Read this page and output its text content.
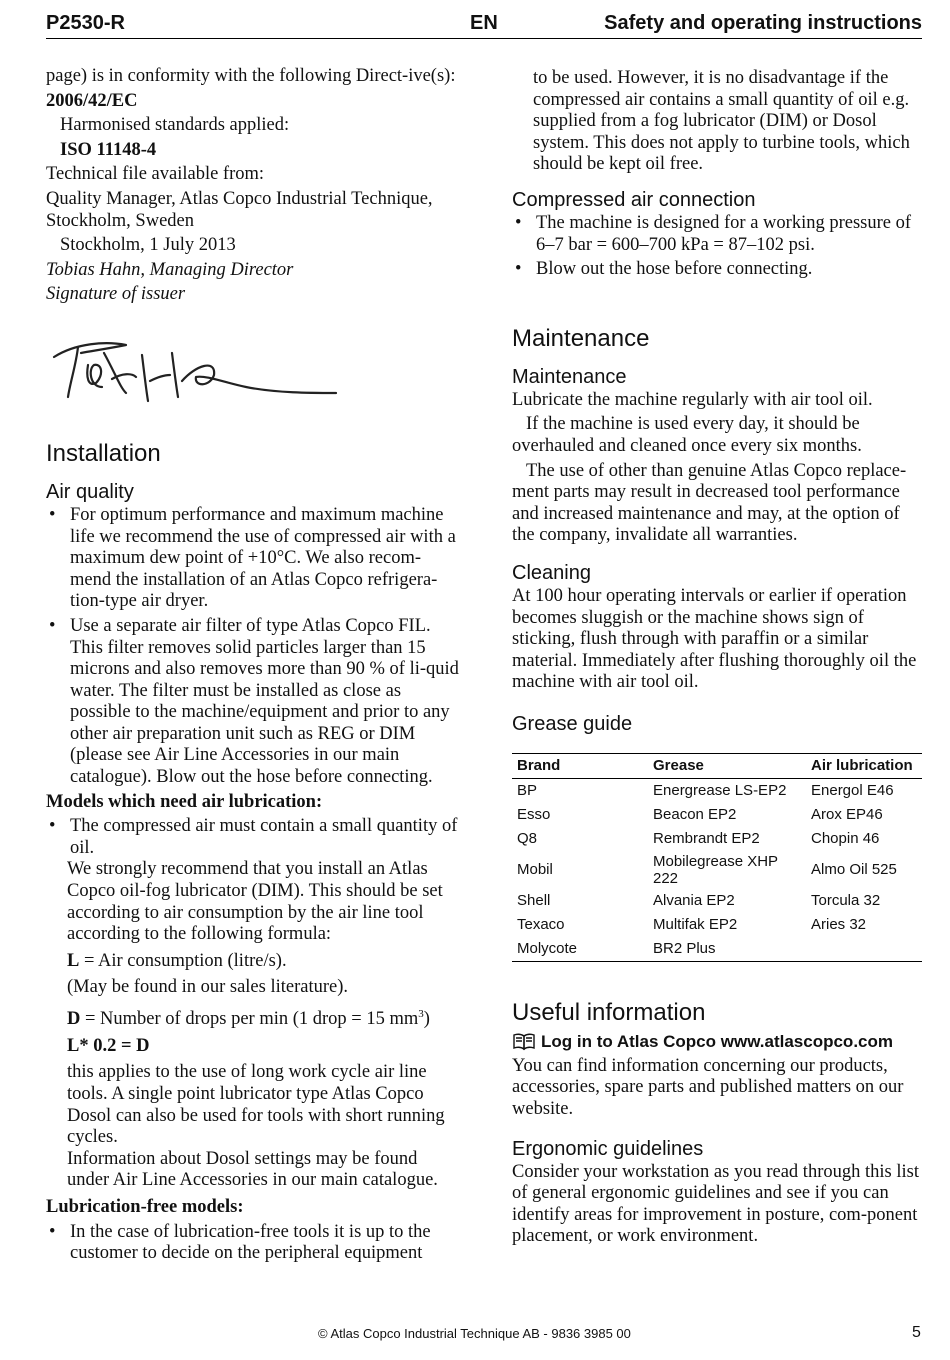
P2530-R	EN	Safety and operating instructions

page) is in conformity with the following Direct-ive(s):

2006/42/EC

Harmonised standards applied:

ISO 11148-4

Technical file available from:

Quality Manager, Atlas Copco Industrial Technique, Stockholm, Sweden

Stockholm, 1 July 2013

Tobias Hahn, Managing Director

Signature of issuer

Installation
Air quality
• For optimum performance and maximum machine life we recommend the use of compressed air with a maximum dew point of +10°C. We also recom-mend the installation of an Atlas Copco refrigera-tion-type air dryer.
• Use a separate air filter of type Atlas Copco FIL. This filter removes solid particles larger than 15 microns and also removes more than 90 % of li-quid water. The filter must be installed as close as possible to the machine/equipment and prior to any other air preparation unit such as REG or DIM (please see Air Line Accessories in our main catalogue). Blow out the hose before connecting.

Models which need air lubrication:

• The compressed air must contain a small quantity of oil.

We strongly recommend that you install an Atlas Copco oil-fog lubricator (DIM). This should be set according to air consumption by the air line tool according to the following formula:

L = Air consumption (litre/s).

(May be found in our sales literature).

D = Number of drops per min (1 drop = 15 $mm^3$)

L* 0.2 = D

this applies to the use of long work cycle air line tools. A single point lubricator type Atlas Copco Dosol can also be used for tools with short running cycles.

Information about Dosol settings may be found under Air Line Accessories in our main catalogue.

Lubrication-free models:

• In the case of lubrication-free tools it is up to the customer to decide on the peripheral equipment

to be used. However, it is no disadvantage if the compressed air contains a small quantity of oil e.g. supplied from a fog lubricator (DIM) or Dosol system. This does not apply to turbine tools, which should be kept oil free.

Compressed air connection
• The machine is designed for a working pressure of 6–7 bar = 600–700 kPa = 87–102 psi.
• Blow out the hose before connecting.
Maintenance
Maintenance

Lubricate the machine regularly with air tool oil.

If the machine is used every day, it should be overhauled and cleaned once every six months.

The use of other than genuine Atlas Copco replace-ment parts may result in decreased tool performance and increased maintenance and may, at the option of the company, invalidate all warranties.

Cleaning

At 100 hour operating intervals or earlier if operation becomes sluggish or the machine shows sign of sticking, flush through with paraffin or a similar material. Immediately after flushing thoroughly oil the machine with air tool oil.

Grease guide
Brand	Grease	Air lubrication
BP	Energrease LS-EP2	Energol E46
Esso	Beacon EP2	Arox EP46
Q8	Rembrandt EP2	Chopin 46
Mobil	Mobilegrease XHP 222	Almo Oil 525
Shell	Alvania EP2	Torcula 32
Texaco	Multifak EP2	Aries 32
Molycote	BR2 Plus	
Useful information
Log in to Atlas Copco www.atlascopco.com

You can find information concerning our products, accessories, spare parts and published matters on our website.

Ergonomic guidelines

Consider your workstation as you read through this list of general ergonomic guidelines and see if you can identify areas for improvement in posture, com-ponent placement, or work environment.

© Atlas Copco Industrial Technique AB - 9836 3985 00	5
